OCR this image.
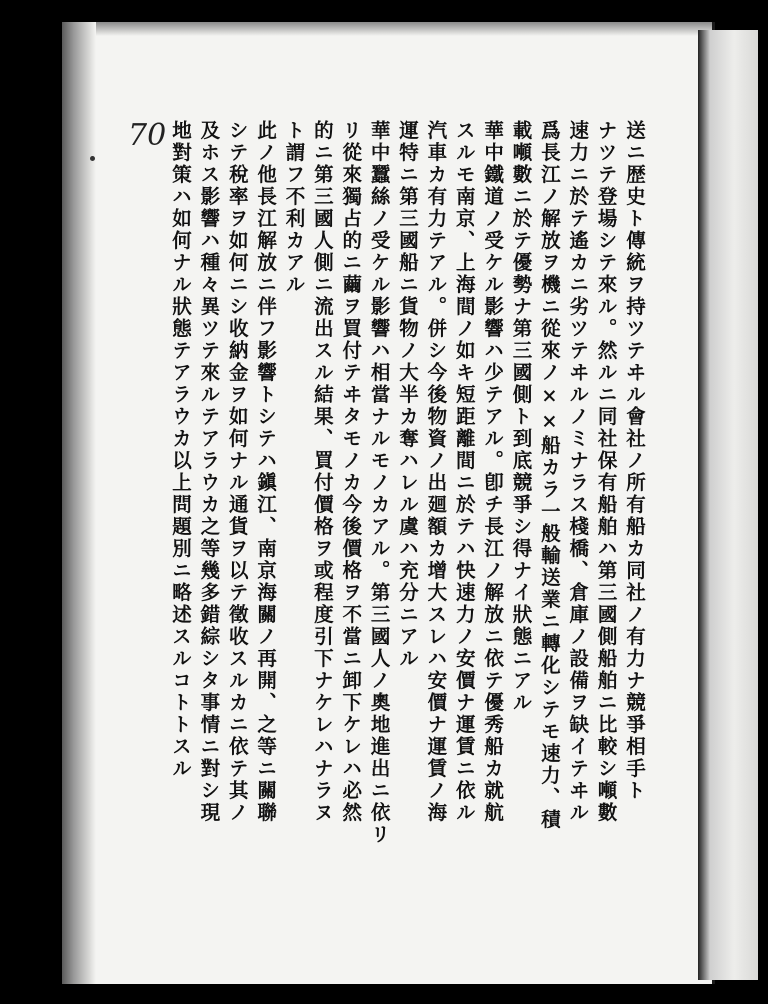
70	送ニ歴史ト傳統ヲ持ツテヰル會社ノ所有船カ同社ノ有力ナ競爭相手ト
ナツテ登場シテ來ル。然ルニ同社保有船舶ハ第三國側船舶ニ比較シ噸數
速力ニ於テ遙カニ劣ツテヰルノミナラス棧橋、倉庫ノ設備ヲ缺イテヰル
爲長江ノ解放ヲ機ニ從來ノ××船カラ一般輸送業ニ轉化シテモ速力、積
載噸數ニ於テ優勢ナ第三國側ト到底競爭シ得ナイ狀態ニアル
華中鐵道ノ受ケル影響ハ少テアル。卽チ長江ノ解放ニ依テ優秀船カ就航
スルモ南京、上海間ノ如キ短距離間ニ於テハ快速力ノ安價ナ運賃ニ依ル
汽車カ有力テアル。併シ今後物資ノ出廻額カ增大スレハ安價ナ運賃ノ海
運特ニ第三國船ニ貨物ノ大半カ奪ハレル虞ハ充分ニアル
華中蠶絲ノ受ケル影響ハ相當ナルモノカアル。第三國人ノ奧地進出ニ依リ
リ從來獨占的ニ繭ヲ買付テヰタモノカ今後價格ヲ不當ニ卸下ケレハ必然
的ニ第三國人側ニ流出スル結果、買付價格ヲ或程度引下ナケレハナラヌ
ト謂フ不利カアル
此ノ他長江解放ニ伴フ影響トシテハ鎭江、南京海關ノ再開、之等ニ關聯
シテ稅率ヲ如何ニシ收納金ヲ如何ナル通貨ヲ以テ徵收スルカニ依テ其ノ
及ホス影響ハ種々異ツテ來ルテアラウカ之等幾多錯綜シタ事情ニ對シ現
地對策ハ如何ナル狀態テアラウカ以上問題別ニ略述スルコトトスル
